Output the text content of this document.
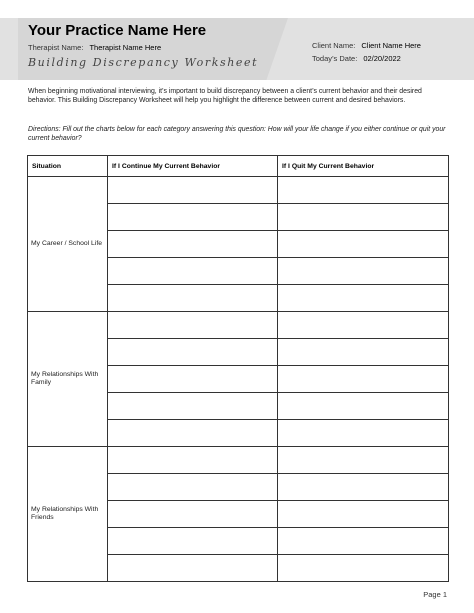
Your Practice Name Here
Therapist Name: Therapist Name Here
Building Discrepancy Worksheet
Client Name: Client Name Here
Today’s Date: 02/20/2022
When beginning motivational interviewing, it’s important to build discrepancy between a client’s current behavior and their desired behavior. This Building Discrepancy Worksheet will help you highlight the difference between current and desired behaviors.
Directions: Fill out the charts below for each category answering this question: How will your life change if you either continue or quit your current behavior?
Situation	If I Continue My Current Behavior	If I Quit My Current Behavior
My Career / School Life		

My Relationships With Family		

My Relationships With Friends		

Page 1
